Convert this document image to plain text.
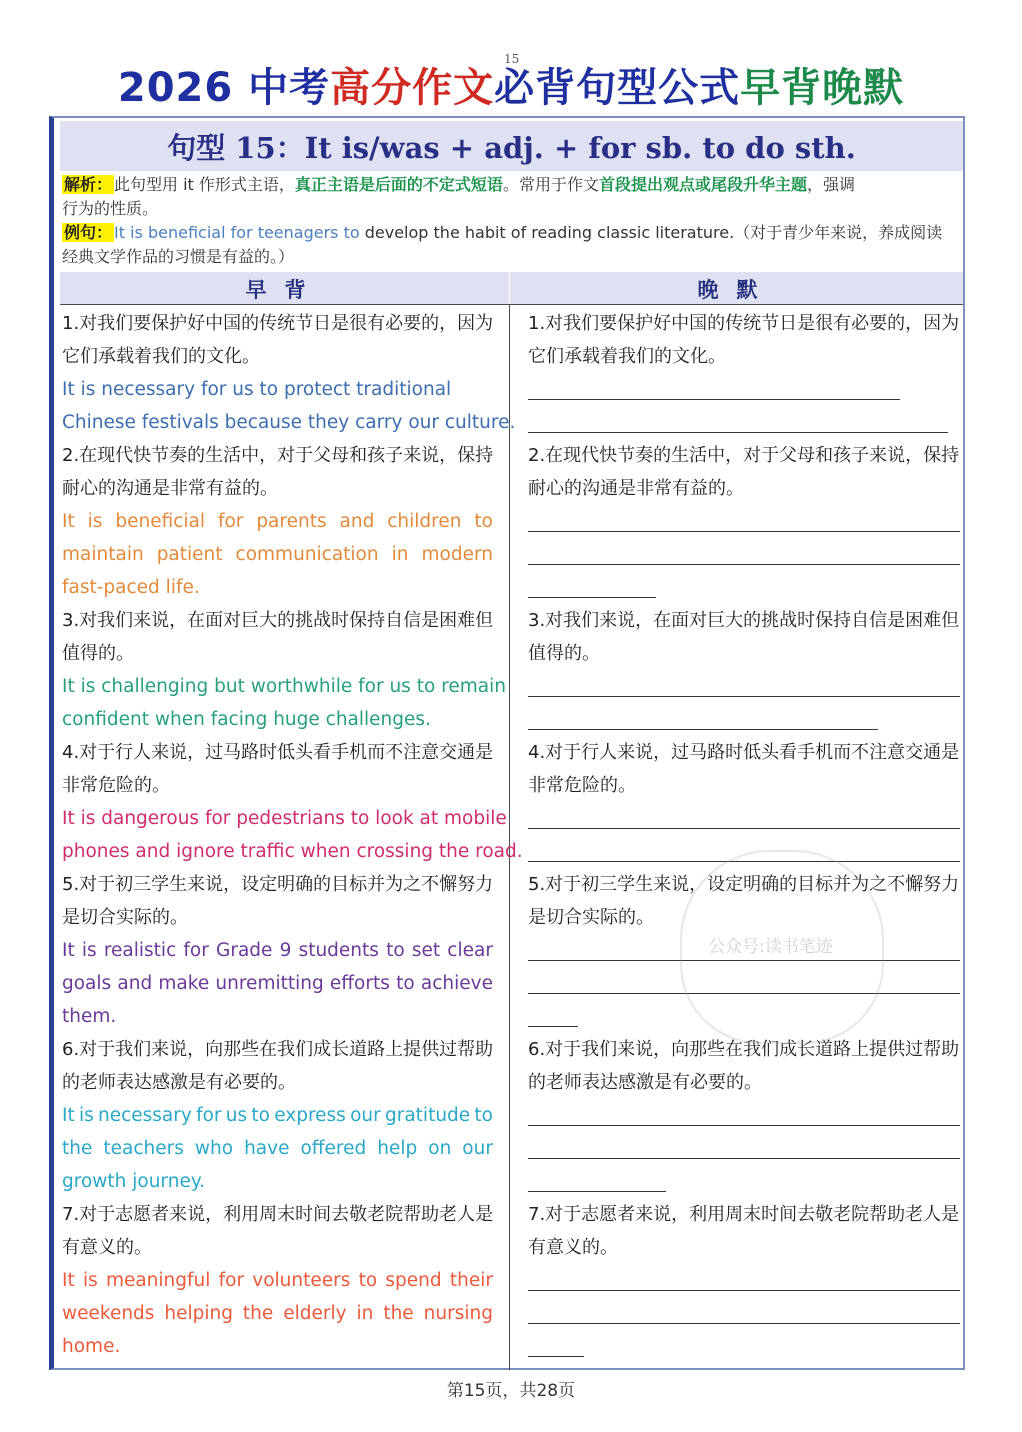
15
2026 中考高分作文必背句型公式早背晚默
句型 15：It is/was + adj. + for sb. to do sth.
解析： 此句型用 it 作形式主语，真正主语是后面的不定式短语。常用于作文首段提出观点或尾段升华主题，强调
行为的性质。
例句： It is beneficial for teenagers to develop the habit of reading classic literature.（对于青少年来说，养成阅读
经典文学作品的习惯是有益的。）
早背	晚默
1.对我们要保护好中国的传统节日是很有必要的，因为
它们承载着我们的文化。
It is necessary for us to protect traditional
Chinese festivals because they carry our culture.
2.在现代快节奏的生活中，对于父母和孩子来说，保持
耐心的沟通是非常有益的。
It is beneficial for parents and children to
maintain patient communication in modern
fast-paced life.
3.对我们来说，在面对巨大的挑战时保持自信是困难但
值得的。
It is challenging but worthwhile for us to remain
confident when facing huge challenges.
4.对于行人来说，过马路时低头看手机而不注意交通是
非常危险的。
It is dangerous for pedestrians to look at mobile
phones and ignore traffic when crossing the road.
5.对于初三学生来说，设定明确的目标并为之不懈努力
是切合实际的。
It is realistic for Grade 9 students to set clear
goals and make unremitting efforts to achieve
them.
6.对于我们来说，向那些在我们成长道路上提供过帮助
的老师表达感激是有必要的。
It is necessary for us to express our gratitude to
the teachers who have offered help on our
growth journey.
7.对于志愿者来说，利用周末时间去敬老院帮助老人是
有意义的。
It is meaningful for volunteers to spend their
weekends helping the elderly in the nursing
home.
1.对我们要保护好中国的传统节日是很有必要的，因为
它们承载着我们的文化。
2.在现代快节奏的生活中，对于父母和孩子来说，保持
耐心的沟通是非常有益的。
3.对我们来说，在面对巨大的挑战时保持自信是困难但
值得的。
4.对于行人来说，过马路时低头看手机而不注意交通是
非常危险的。
5.对于初三学生来说，设定明确的目标并为之不懈努力
是切合实际的。
6.对于我们来说，向那些在我们成长道路上提供过帮助
的老师表达感激是有必要的。
7.对于志愿者来说，利用周末时间去敬老院帮助老人是
有意义的。
公众号:读书笔迹
第15页，共28页
